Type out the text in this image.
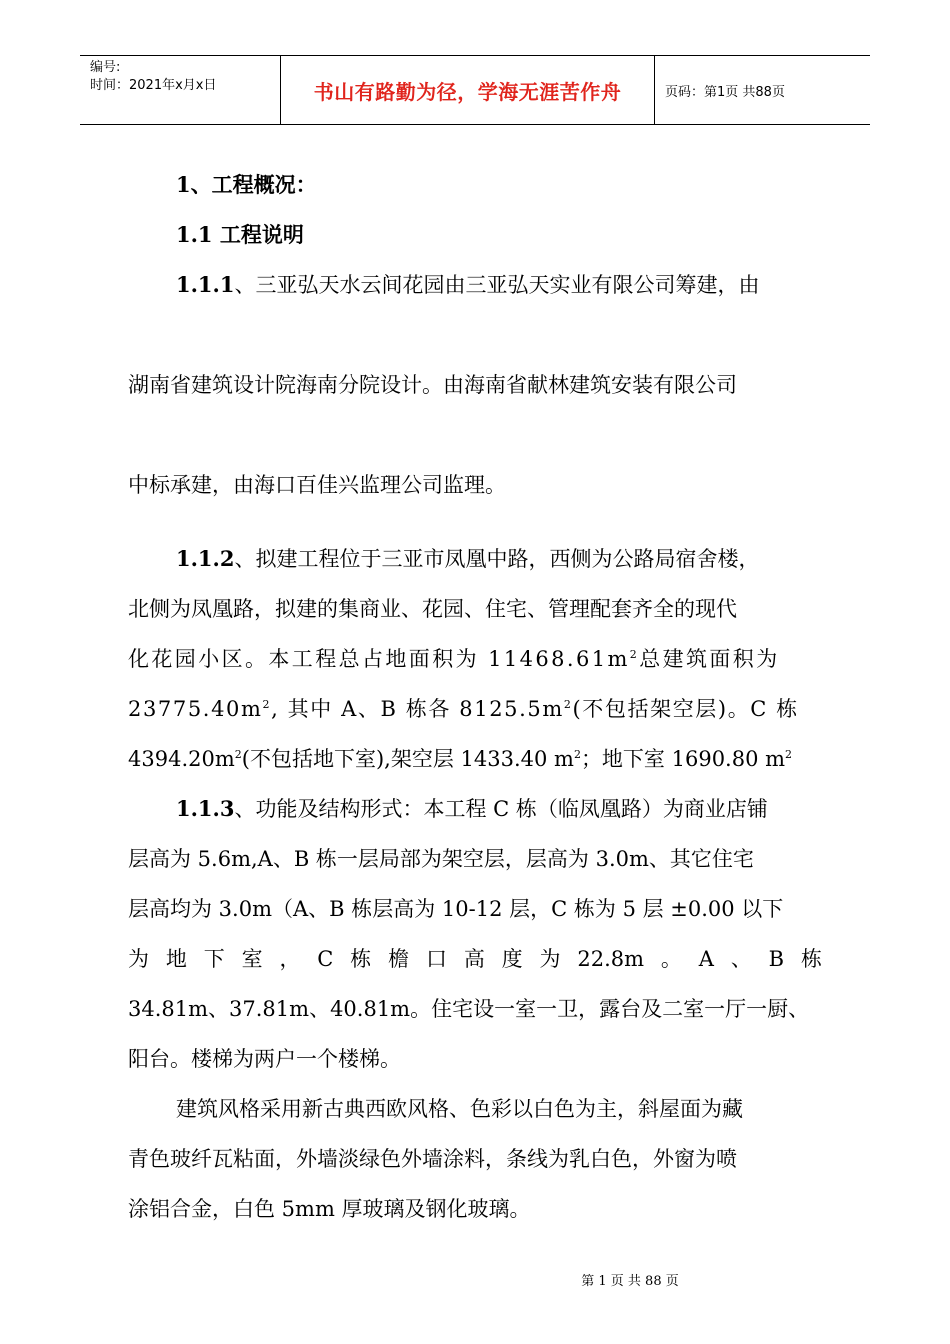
编号:
时间：2021年x月x日	书山有路勤为径，学海无涯苦作舟	页码：第1页 共88页
1、工程概况：
1.1 工程说明
1.1.1、三亚弘天水云间花园由三亚弘天实业有限公司筹建，由
湖南省建筑设计院海南分院设计。由海南省献林建筑安装有限公司
中标承建，由海口百佳兴监理公司监理。
1.1.2、拟建工程位于三亚市凤凰中路，西侧为公路局宿舍楼，
北侧为凤凰路，拟建的集商业、花园、住宅、管理配套齐全的现代
化花园小区。本工程总占地面积为 $11468.61m^2$总建筑面积为
$23775.40m^2$, 其中 A、B 栋各 $8125.5m^2$(不包括架空层)。C 栋
$4394.20m^2$(不包括地下室),架空层 1433.40 $m^2$；地下室 1690.80 $m^2$
1.1.3、功能及结构形式：本工程 C 栋（临凤凰路）为商业店铺
层高为 5.6m,A、B 栋一层局部为架空层，层高为 3.0m、其它住宅
层高均为 3.0m（A、B 栋层高为 10-12 层，C 栋为 5 层 ±0.00 以下
为 地 下 室 ， C 栋 檐 口 高 度 为 22.8m 。 A 、 B 栋
34.81m、37.81m、40.81m。住宅设一室一卫，露台及二室一厅一厨、
阳台。楼梯为两户一个楼梯。
建筑风格采用新古典西欧风格、色彩以白色为主，斜屋面为藏
青色玻纤瓦粘面，外墙淡绿色外墙涂料，条线为乳白色，外窗为喷
涂铝合金，白色 5mm 厚玻璃及钢化玻璃。
第 1 页 共 88 页
